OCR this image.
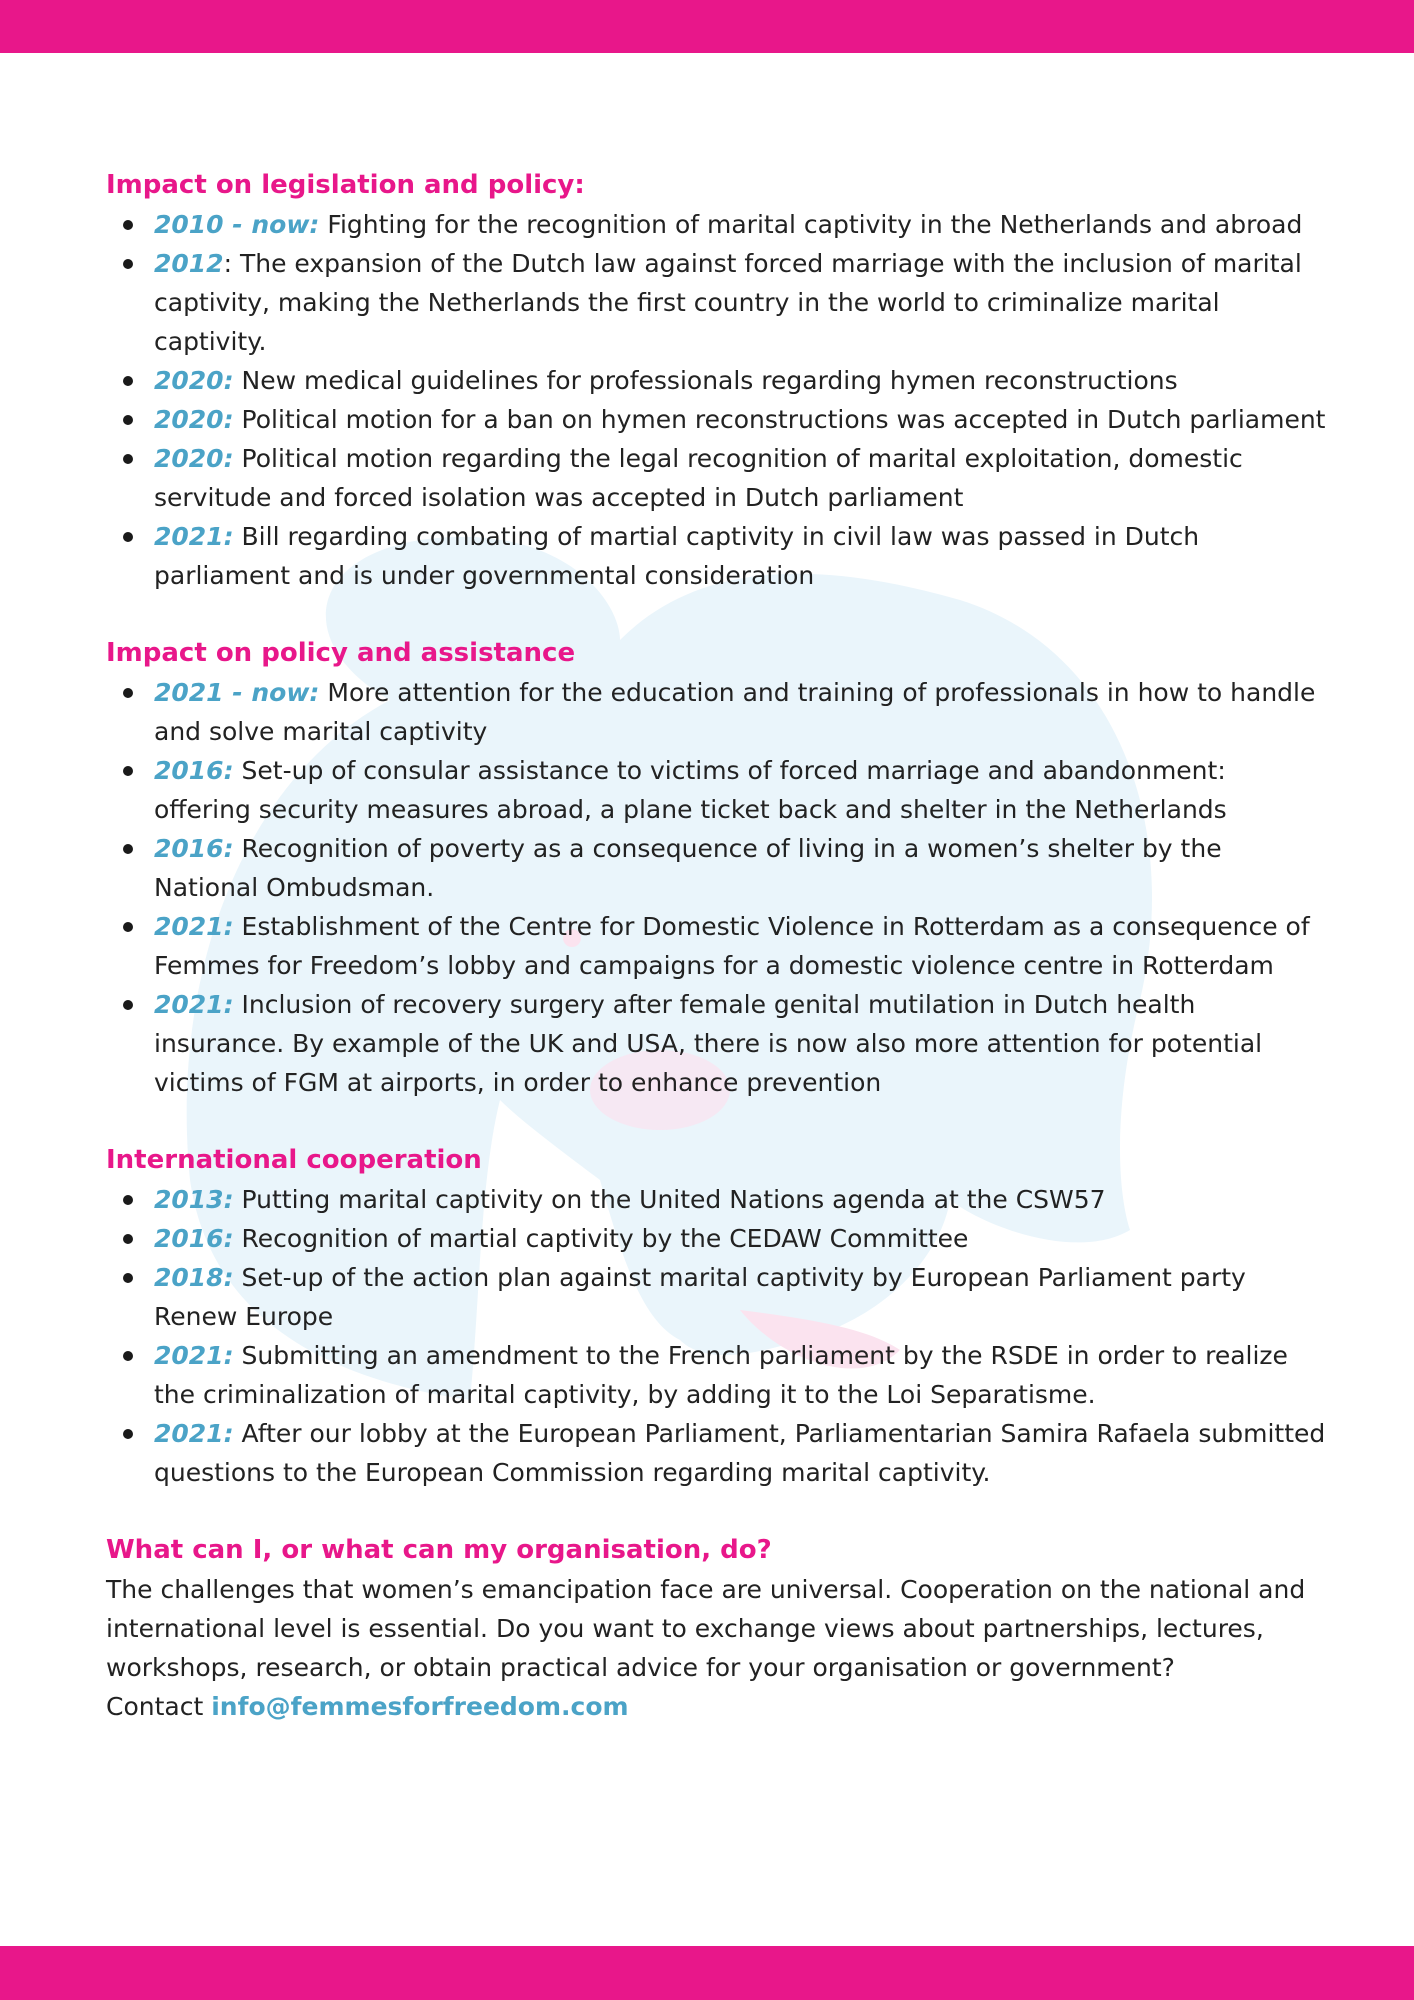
Impact on legislation and policy:

2010 - now: Fighting for the recognition of marital captivity in the Netherlands and abroad
2012: The expansion of the Dutch law against forced marriage with the inclusion of marital captivity, making the Netherlands the first country in the world to criminalize marital captivity.
2020: New medical guidelines for professionals regarding hymen reconstructions
2020: Political motion for a ban on hymen reconstructions was accepted in Dutch parliament
2020: Political motion regarding the legal recognition of marital exploitation, domestic servitude and forced isolation was accepted in Dutch parliament
2021: Bill regarding combating of martial captivity in civil law was passed in Dutch parliament and is under governmental consideration

Impact on policy and assistance

2021 - now: More attention for the education and training of professionals in how to handle and solve marital captivity
2016: Set-up of consular assistance to victims of forced marriage and abandonment: offering security measures abroad, a plane ticket back and shelter in the Netherlands
2016: Recognition of poverty as a consequence of living in a women’s shelter by the National Ombudsman.
2021: Establishment of the Centre for Domestic Violence in Rotterdam as a consequence of Femmes for Freedom’s lobby and campaigns for a domestic violence centre in Rotterdam
2021: Inclusion of recovery surgery after female genital mutilation in Dutch health insurance. By example of the UK and USA, there is now also more attention for potential victims of FGM at airports, in order to enhance prevention

International cooperation

2013: Putting marital captivity on the United Nations agenda at the CSW57
2016: Recognition of martial captivity by the CEDAW Committee
2018: Set-up of the action plan against marital captivity by European Parliament party Renew Europe
2021: Submitting an amendment to the French parliament by the RSDE in order to realize the criminalization of marital captivity, by adding it to the Loi Separatisme.
2021: After our lobby at the European Parliament, Parliamentarian Samira Rafaela submitted questions to the European Commission regarding marital captivity.

What can I, or what can my organisation, do?

The challenges that women’s emancipation face are universal. Cooperation on the national and international level is essential. Do you want to exchange views about partnerships, lectures, workshops, research, or obtain practical advice for your organisation or government?
Contact info@femmesforfreedom.com
